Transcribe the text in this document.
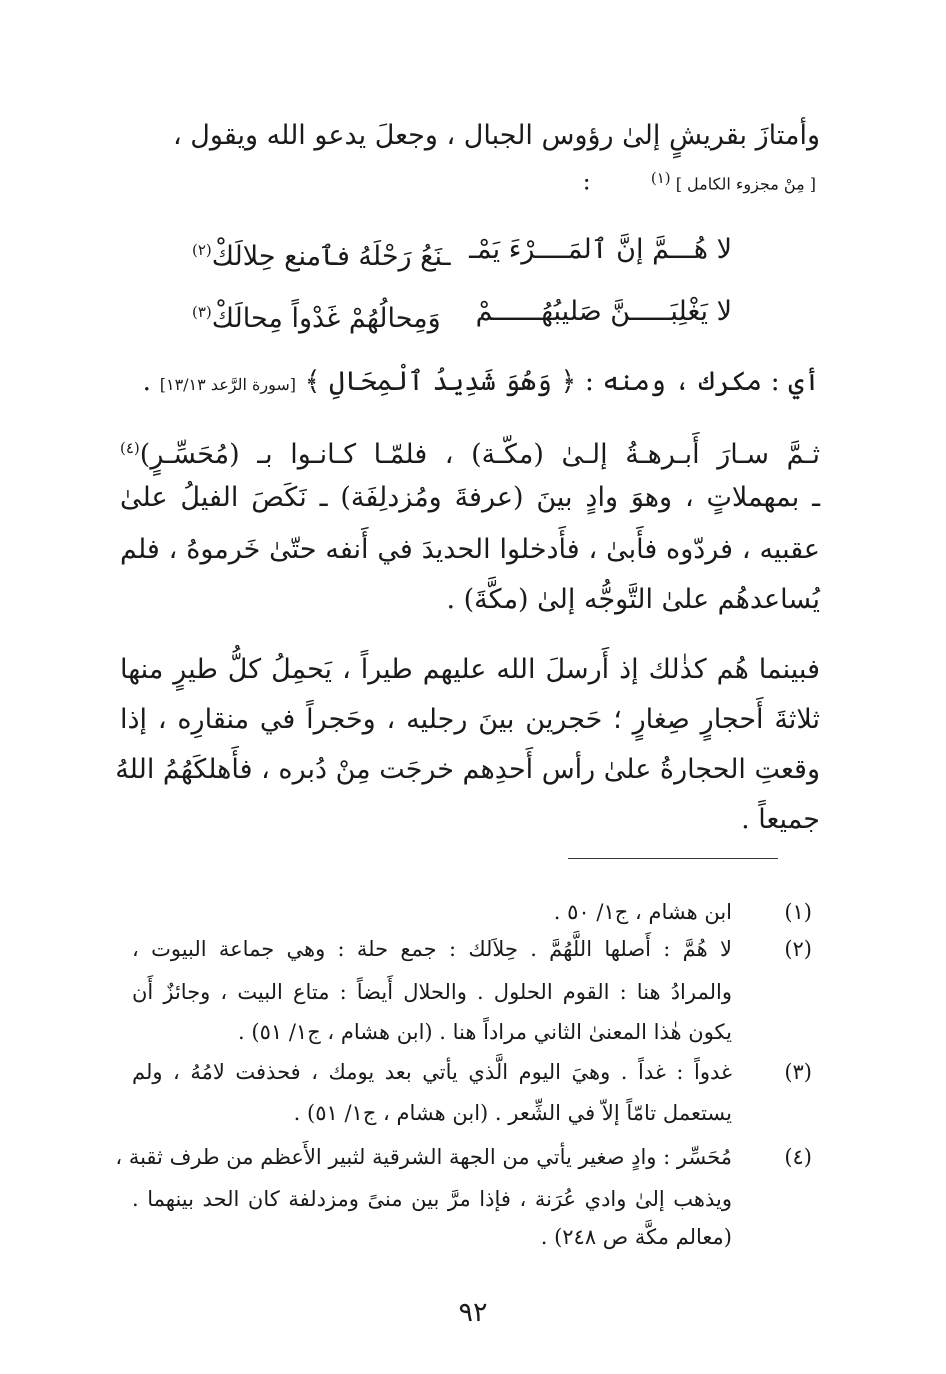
وأمتازَ بقريشٍ إلىٰ رؤوس الجبال ، وجعلَ يدعو الله ويقول ،
[ مِنْ مجزوء الكامل ] $^{(١)}$  :
لا هُـــمَّ إنَّ ٱلمَــــرْءَ يَمْـ
ـنَعُ رَحْلَهُ فٱمنع حِلالَكْ$^{(٢)}$
لا يَغْلِبَـــــنَّ صَليبُهُــــــمْ
وَمِحالُهُمْ غَدْواً مِحالَكْ$^{(٣)}$
أي : مكرك ، ومنه : ﴿ وَهُوَ شَدِيدُ ٱلْمِحَالِ ﴾ [سورة الرَّعد ١٣/١٣] .
ثـمَّ سـارَ أَبـرهـةُ إلـىٰ (مكّـة) ، فلمّـا كـانـوا بـ (مُحَسِّـرٍ)$^{(٤)}$
ـ بمهملاتٍ ، وهوَ وادٍ بينَ (عرفةَ ومُزدلِفَة) ـ نَكَصَ الفيلُ علىٰ
عقبيه ، فردّوه فأَبىٰ ، فأَدخلوا الحديدَ في أَنفه حتّىٰ خَرموهُ ، فلم
يُساعدهُم علىٰ التَّوجُّه إلىٰ (مكَّةَ) .
فبينما هُم كذٰلك إذ أَرسلَ الله عليهم طيراً ، يَحمِلُ كلُّ طيرٍ منها
ثلاثةَ أَحجارٍ صِغارٍ ؛ حَجرين بينَ رجليه ، وحَجراً في منقارِه ، إذا
وقعتِ الحجارةُ علىٰ رأس أَحدِهم خرجَت مِنْ دُبره ، فأَهلكَهُمُ اللهُ
جميعاً .
(١)
ابن هشام ، ج١/ ٥٠ .
(٢)
لا هُمَّ : أَصلها اللَّهُمَّ . حِلاَلك : جمع حلة : وهي جماعة البيوت ،
والمرادُ هنا : القوم الحلول . والحلال أَيضاً : متاع البيت ، وجائزٌ أَن
يكون هٰذا المعنىٰ الثاني مراداً هنا . (ابن هشام ، ج١/ ٥١) .
(٣)
غدواً : غداً . وهيَ اليوم الَّذي يأتي بعد يومك ، فحذفت لامُهُ ، ولم
يستعمل تامّاً إلاّ في الشِّعر . (ابن هشام ، ج١/ ٥١) .
(٤)
مُحَسِّر : وادٍ صغير يأتي من الجهة الشرقية لثبير الأَعظم من طرف ثقبة ،
ويذهب إلىٰ وادي عُرَنة ، فإذا مرَّ بين منىً ومزدلفة كان الحد بينهما .
(معالم مكَّة ص ٢٤٨) .
٩٢
